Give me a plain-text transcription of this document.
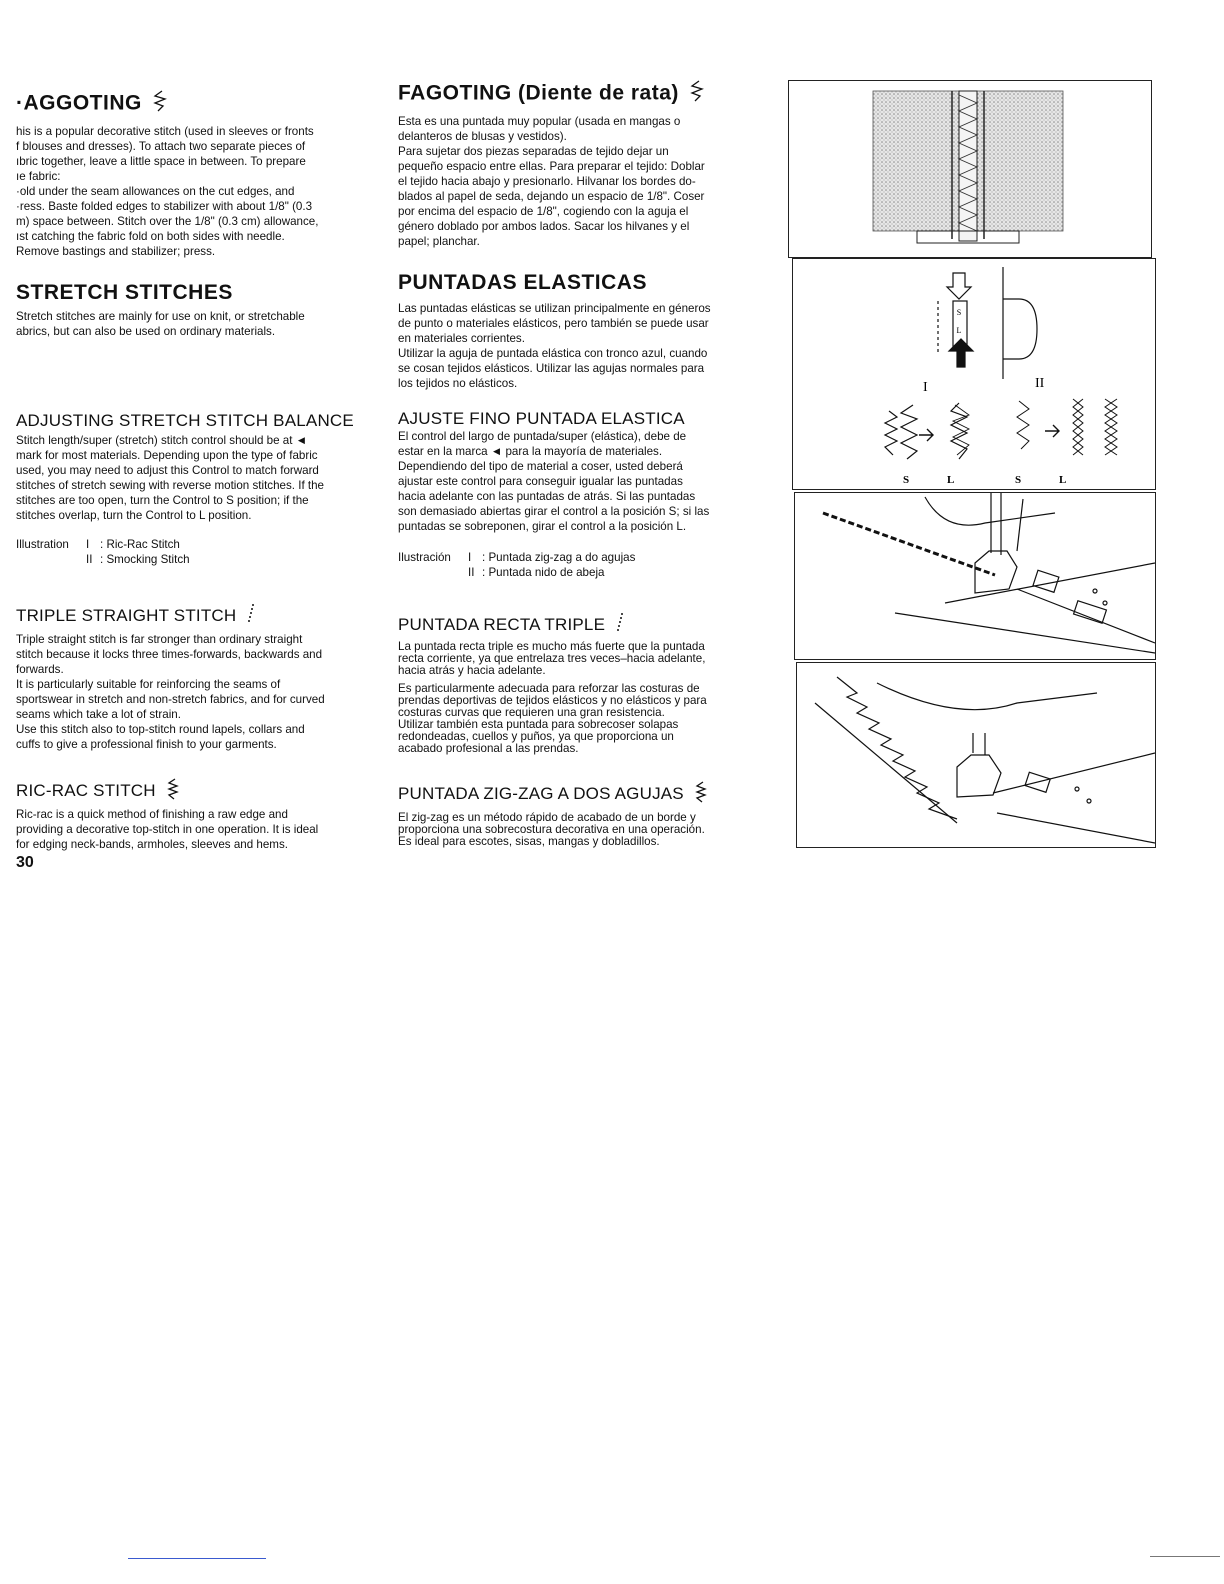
·AGGOTING

his is a popular decorative stitch (used in sleeves or fronts

f blouses and dresses). To attach two separate pieces of

ıbric together, leave a little space in between. To prepare

ıe fabric:

·old under the seam allowances on the cut edges, and

·ress. Baste folded edges to stabilizer with about 1/8" (0.3

m) space between. Stitch over the 1/8" (0.3 cm) allowance,

ıst catching the fabric fold on both sides with needle.

Remove bastings and stabilizer; press.

STRETCH STITCHES

Stretch stitches are mainly for use on knit, or stretchable

abrics, but can also be used on ordinary materials.

ADJUSTING STRETCH STITCH BALANCE

Stitch length/super (stretch) stitch control should be at ◄

mark for most materials. Depending upon the type of fabric

used, you may need to adjust this Control to match forward

stitches of stretch sewing with reverse motion stitches. If the

stitches are too open, turn the Control to S position; if the

stitches overlap, turn the Control to L position.

Illustration	I : Ric-Rac Stitch
II : Smocking Stitch
TRIPLE STRAIGHT STITCH

Triple straight stitch is far stronger than ordinary straight

stitch because it locks three times-forwards, backwards and

forwards.

It is particularly suitable for reinforcing the seams of

sportswear in stretch and non-stretch fabrics, and for curved

seams which take a lot of strain.

Use this stitch also to top-stitch round lapels, collars and

cuffs to give a professional finish to your garments.

RIC-RAC STITCH

Ric-rac is a quick method of finishing a raw edge and

providing a decorative top-stitch in one operation. It is ideal

for edging neck-bands, armholes, sleeves and hems.

30
FAGOTING (Diente de rata)

Esta es una puntada muy popular (usada en mangas o

delanteros de blusas y vestidos).

Para sujetar dos piezas separadas de tejido dejar un

pequeño espacio entre ellas. Para preparar el tejido: Doblar

el tejido hacia abajo y presionarlo. Hilvanar los bordes do-

blados al papel de seda, dejando un espacio de 1/8". Coser

por encima del espacio de 1/8", cogiendo con la aguja el

género doblado por ambos lados. Sacar los hilvanes y el

papel; planchar.

PUNTADAS ELASTICAS

Las puntadas elásticas se utilizan principalmente en géneros

de punto o materiales elásticos, pero también se puede usar

en materiales corrientes.

Utilizar la aguja de puntada elástica con tronco azul, cuando

se cosan tejidos elásticos. Utilizar las agujas normales para

los tejidos no elásticos.

AJUSTE FINO PUNTADA ELASTICA

El control del largo de puntada/super (elástica), debe de

estar en la marca ◄ para la mayoría de materiales.

Dependiendo del tipo de material a coser, usted deberá

ajustar este control para conseguir igualar las puntadas

hacia adelante con las puntadas de atrás. Si las puntadas

son demasiado abiertas girar el control a la posición S; si las

puntadas se sobreponen, girar el control a la posición L.

Ilustración	I : Puntada zig-zag a do agujas
II : Puntada nido de abeja
PUNTADA RECTA TRIPLE

La puntada recta triple es mucho más fuerte que la puntada

recta corriente, ya que entrelaza tres veces–hacia adelante,

hacia atrás y hacia adelante.

Es particularmente adecuada para reforzar las costuras de

prendas deportivas de tejidos elásticos y no elásticos y para

costuras curvas que requieren una gran resistencia.

Utilizar también esta puntada para sobrecoser solapas

redondeadas, cuellos y puños, ya que proporciona un

acabado profesional a las prendas.

PUNTADA ZIG-ZAG A DOS AGUJAS

El zig-zag es un método rápido de acabado de un borde y

proporciona una sobrecostura decorativa en una operación.

Es ideal para escotes, sisas, mangas y dobladillos.

S
L
I	II
S	L	S	L
